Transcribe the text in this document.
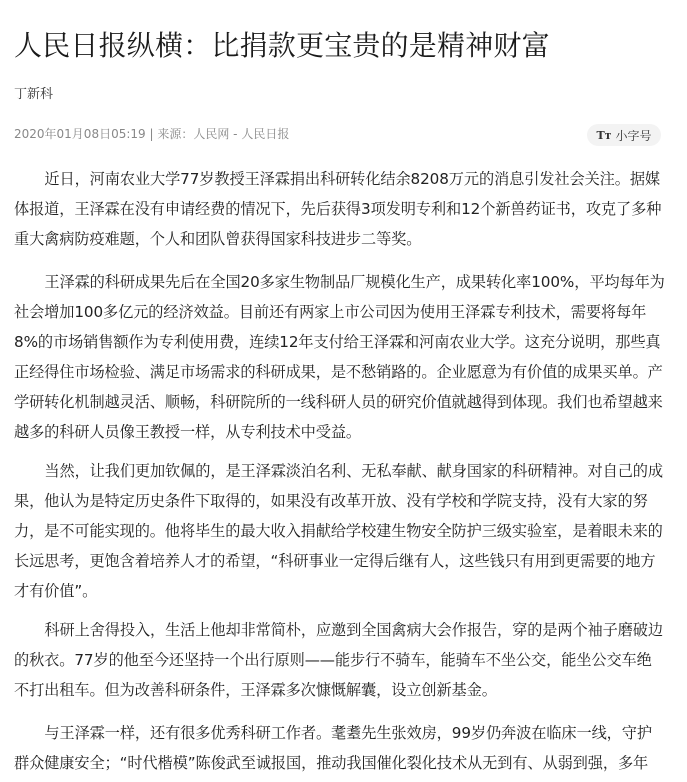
人民日报纵横：比捐款更宝贵的是精神财富
丁新科
2020年01月08日05:19 | 来源：人民网 - 人民日报	Tт 小字号
近日，河南农业大学77岁教授王泽霖捐出科研转化结余8208万元的消息引发社会关注。据媒
体报道，王泽霖在没有申请经费的情况下，先后获得3项发明专利和12个新兽药证书，攻克了多种
重大禽病防疫难题，个人和团队曾获得国家科技进步二等奖。
王泽霖的科研成果先后在全国20多家生物制品厂规模化生产，成果转化率100%，平均每年为
社会增加100多亿元的经济效益。目前还有两家上市公司因为使用王泽霖专利技术，需要将每年
8%的市场销售额作为专利使用费，连续12年支付给王泽霖和河南农业大学。这充分说明，那些真
正经得住市场检验、满足市场需求的科研成果，是不愁销路的。企业愿意为有价值的成果买单。产
学研转化机制越灵活、顺畅，科研院所的一线科研人员的研究价值就越得到体现。我们也希望越来
越多的科研人员像王教授一样，从专利技术中受益。
当然，让我们更加钦佩的，是王泽霖淡泊名利、无私奉献、献身国家的科研精神。对自己的成
果，他认为是特定历史条件下取得的，如果没有改革开放、没有学校和学院支持，没有大家的努
力，是不可能实现的。他将毕生的最大收入捐献给学校建生物安全防护三级实验室，是着眼未来的
长远思考，更饱含着培养人才的希望，“科研事业一定得后继有人，这些钱只有用到更需要的地方
才有价值”。
科研上舍得投入，生活上他却非常简朴，应邀到全国禽病大会作报告，穿的是两个袖子磨破边
的秋衣。77岁的他至今还坚持一个出行原则——能步行不骑车，能骑车不坐公交，能坐公交车绝
不打出租车。但为改善科研条件，王泽霖多次慷慨解囊，设立创新基金。
与王泽霖一样，还有很多优秀科研工作者。耄耋先生张效房，99岁仍奔波在临床一线，守护
群众健康安全；“时代楷模”陈俊武至诚报国，推动我国催化裂化技术从无到有、从弱到强，多年
